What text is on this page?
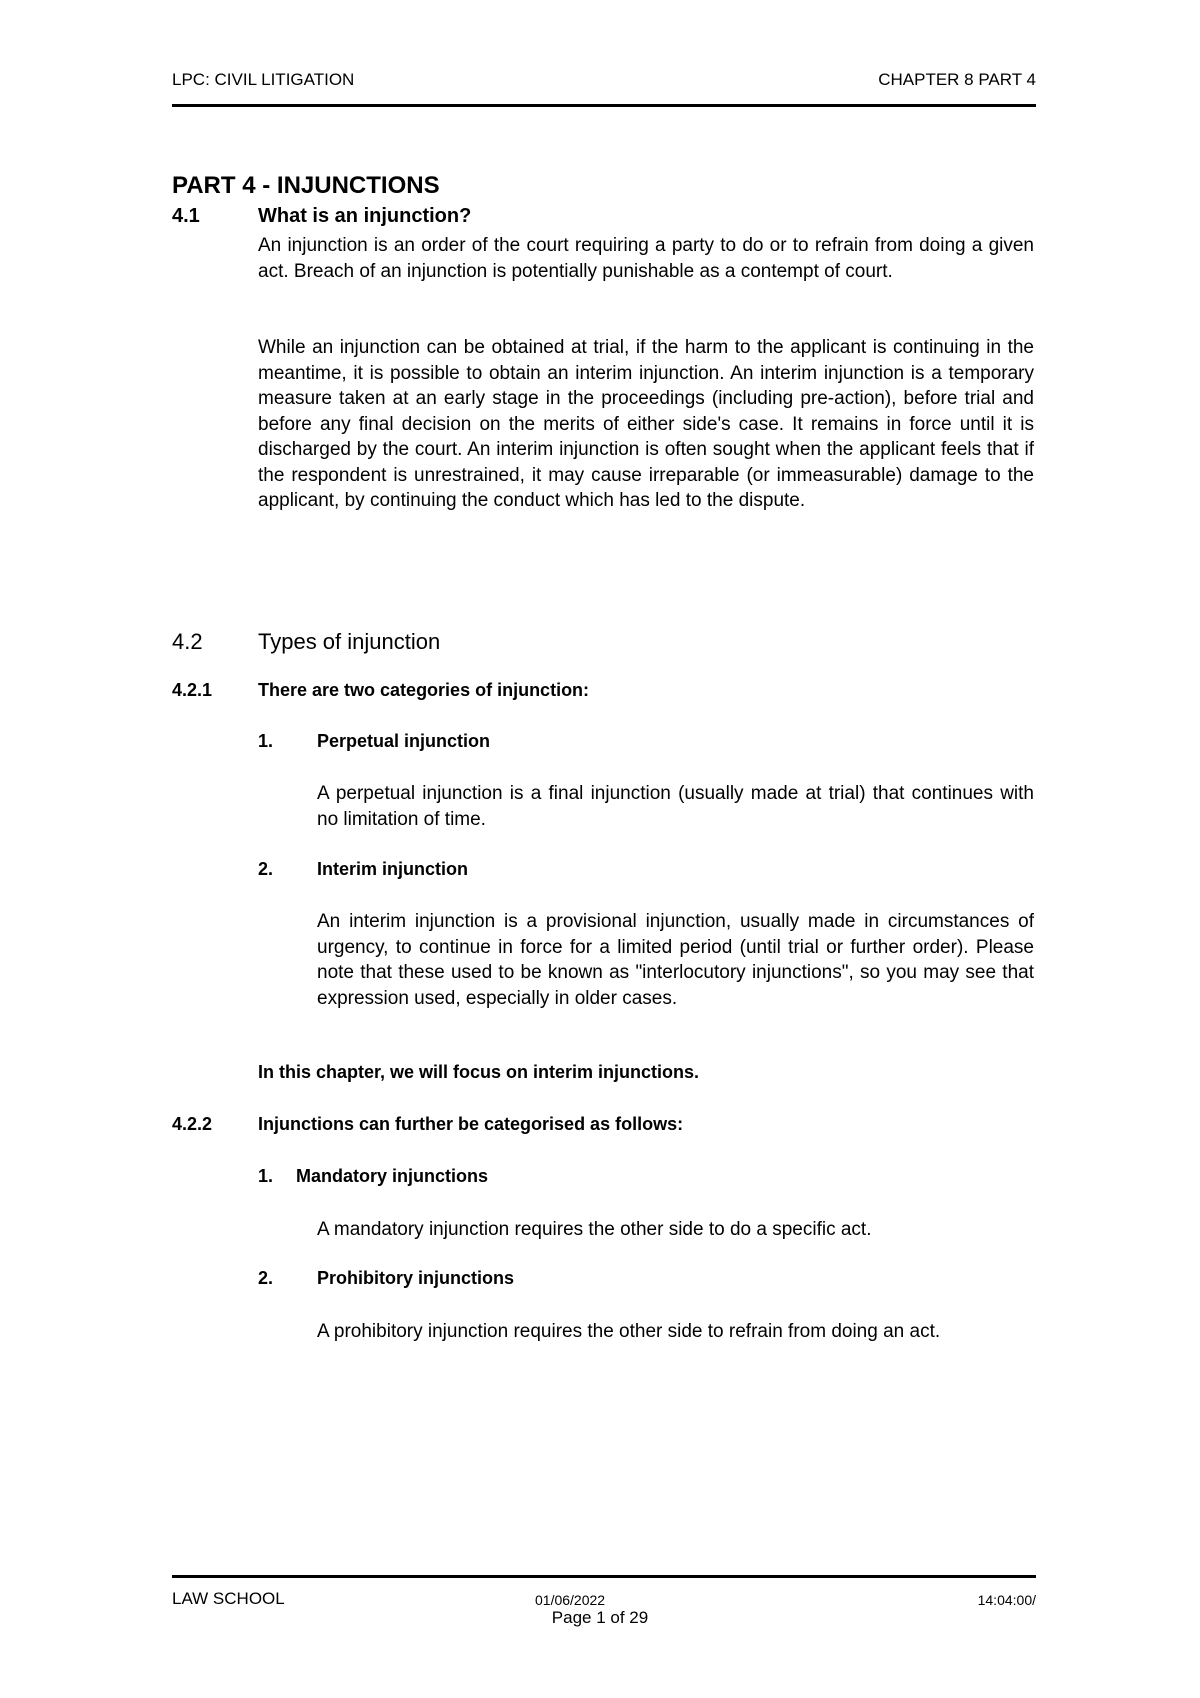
LPC: CIVIL LITIGATION	CHAPTER 8 PART 4
PART 4 - INJUNCTIONS
4.1	What is an injunction?
An injunction is an order of the court requiring a party to do or to refrain from doing a given act. Breach of an injunction is potentially punishable as a contempt of court.
While an injunction can be obtained at trial, if the harm to the applicant is continuing in the meantime, it is possible to obtain an interim injunction. An interim injunction is a temporary measure taken at an early stage in the proceedings (including pre-action), before trial and before any final decision on the merits of either side's case. It remains in force until it is discharged by the court. An interim injunction is often sought when the applicant feels that if the respondent is unrestrained, it may cause irreparable (or immeasurable) damage to the applicant, by continuing the conduct which has led to the dispute.
4.2	Types of injunction
4.2.1	There are two categories of injunction:
1. Perpetual injunction
A perpetual injunction is a final injunction (usually made at trial) that continues with no limitation of time.
2. Interim injunction
An interim injunction is a provisional injunction, usually made in circumstances of urgency, to continue in force for a limited period (until trial or further order). Please note that these used to be known as "interlocutory injunctions", so you may see that expression used, especially in older cases.
In this chapter, we will focus on interim injunctions.
4.2.2	Injunctions can further be categorised as follows:
1. Mandatory injunctions
A mandatory injunction requires the other side to do a specific act.
2. Prohibitory injunctions
A prohibitory injunction requires the other side to refrain from doing an act.
LAW SCHOOL	01/06/2022	14:04:00/
Page 1 of 29
